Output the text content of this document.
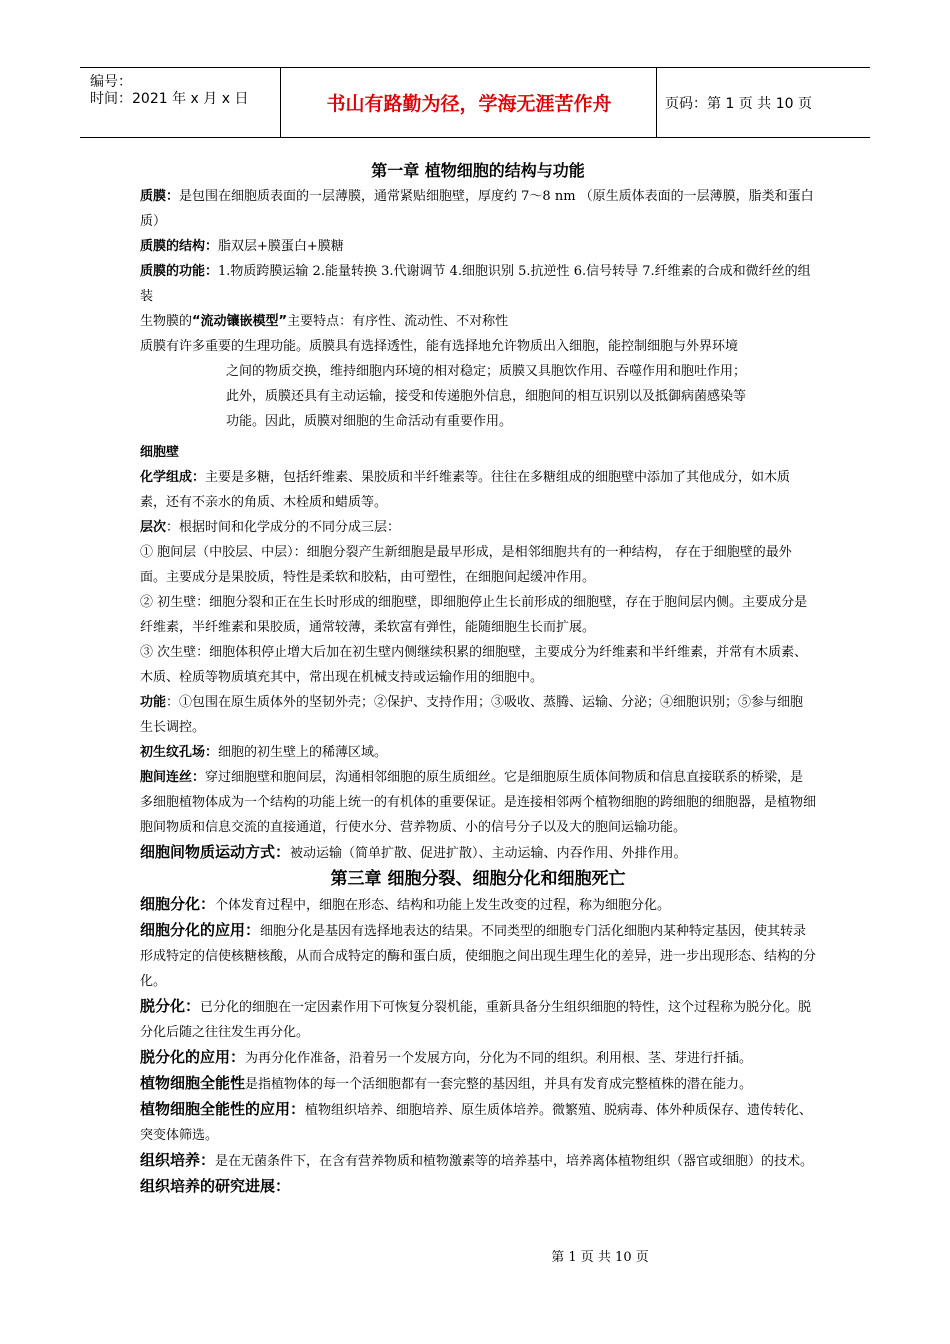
编号：
时间：2021 年 x 月 x 日	书山有路勤为径，学海无涯苦作舟	页码：第 1 页 共 10 页

第一章 植物细胞的结构与功能

质膜：是包围在细胞质表面的一层薄膜，通常紧贴细胞壁，厚度约 7～8 nm （原生质体表面的一层薄膜，脂类和蛋白质）

质膜的结构：脂双层+膜蛋白+膜糖

质膜的功能：1.物质跨膜运输 2.能量转换 3.代谢调节 4.细胞识别 5.抗逆性 6.信号转导 7.纤维素的合成和微纤丝的组装

生物膜的“流动镶嵌模型”主要特点：有序性、流动性、不对称性

质膜有许多重要的生理功能。质膜具有选择透性，能有选择地允许物质出入细胞，能控制细胞与外界环境

之间的物质交换，维持细胞内环境的相对稳定；质膜又具胞饮作用、吞噬作用和胞吐作用；

此外，质膜还具有主动运输，接受和传递胞外信息，细胞间的相互识别以及抵御病菌感染等

功能。因此，质膜对细胞的生命活动有重要作用。

细胞壁

化学组成：主要是多糖，包括纤维素、果胶质和半纤维素等。往往在多糖组成的细胞壁中添加了其他成分，如木质素，还有不亲水的角质、木栓质和蜡质等。

层次：根据时间和化学成分的不同分成三层：

① 胞间层（中胶层、中层）：细胞分裂产生新细胞是最早形成，是相邻细胞共有的一种结构， 存在于细胞壁的最外面。主要成分是果胶质，特性是柔软和胶粘，由可塑性，在细胞间起缓冲作用。

② 初生壁：细胞分裂和正在生长时形成的细胞壁，即细胞停止生长前形成的细胞壁，存在于胞间层内侧。主要成分是纤维素，半纤维素和果胶质，通常较薄，柔软富有弹性，能随细胞生长而扩展。

③ 次生壁：细胞体积停止增大后加在初生壁内侧继续积累的细胞壁，主要成分为纤维素和半纤维素，并常有木质素、木质、栓质等物质填充其中，常出现在机械支持或运输作用的细胞中。

功能：①包围在原生质体外的坚韧外壳；②保护、支持作用；③吸收、蒸腾、运输、分泌；④细胞识别；⑤参与细胞生长调控。

初生纹孔场：细胞的初生壁上的稀薄区域。

胞间连丝：穿过细胞壁和胞间层，沟通相邻细胞的原生质细丝。它是细胞原生质体间物质和信息直接联系的桥梁，是多细胞植物体成为一个结构的功能上统一的有机体的重要保证。是连接相邻两个植物细胞的跨细胞的细胞器，是植物细胞间物质和信息交流的直接通道，行使水分、营养物质、小的信号分子以及大的胞间运输功能。

细胞间物质运动方式：被动运输（简单扩散、促进扩散）、主动运输、内吞作用、外排作用。

第三章 细胞分裂、细胞分化和细胞死亡

细胞分化：个体发育过程中，细胞在形态、结构和功能上发生改变的过程，称为细胞分化。

细胞分化的应用：细胞分化是基因有选择地表达的结果。不同类型的细胞专门活化细胞内某种特定基因，使其转录形成特定的信使核糖核酸，从而合成特定的酶和蛋白质，使细胞之间出现生理生化的差异，进一步出现形态、结构的分化。

脱分化：已分化的细胞在一定因素作用下可恢复分裂机能，重新具备分生组织细胞的特性，这个过程称为脱分化。脱分化后随之往往发生再分化。

脱分化的应用：为再分化作准备，沿着另一个发展方向，分化为不同的组织。利用根、茎、芽进行扦插。

植物细胞全能性是指植物体的每一个活细胞都有一套完整的基因组，并具有发育成完整植株的潜在能力。

植物细胞全能性的应用：植物组织培养、细胞培养、原生质体培养。微繁殖、脱病毒、体外种质保存、遗传转化、突变体筛选。

组织培养：是在无菌条件下，在含有营养物质和植物激素等的培养基中，培养离体植物组织（器官或细胞）的技术。

组织培养的研究进展：

第 1 页 共 10 页
